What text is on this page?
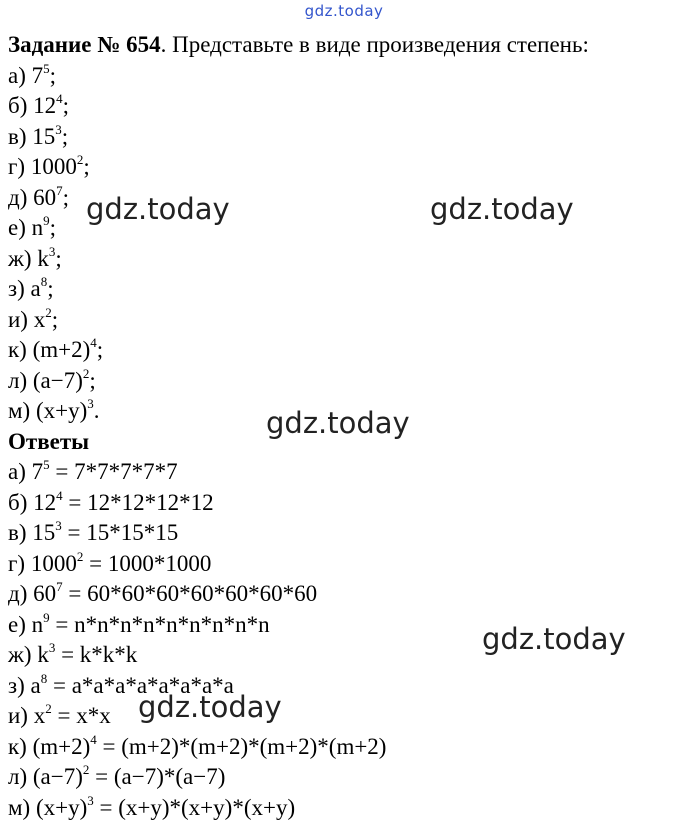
gdz.today
Задание № 654. Представьте в виде произведения степень:
а) $7^5$;
б) $12^4$;
в) $15^3$;
г) 1000$^2$;
д) $60^7$;
е) $n^9$;
ж) $k^3$;
з) $a^8$;
и) $x^2$;
к) $(m+2)^4$;
л) $(a-7)^2$;
м) $(x+y)^3$.
Ответы
а) $7^5 = 7*7*7*7*7$
б) $12^4 = 12*12*12*12$
в) $15^3 = 15*15*15$
г) $1000^2 = 1000*1000$
д) $60^7 = 60*60*60*60*60*60*60$
е) $n^9 = n*n*n*n*n*n*n*n*n$
ж) $k^3 = k*k*k$
з) $a^8 = a*a*a*a*a*a*a*a$
и) $x^2 = x*x$
к) $(m+2)^4 = (m+2)*(m+2)*(m+2)*(m+2)$
л) $(a-7)^2 = (a-7)*(a-7)$
м) $(x+y)^3 = (x+y)*(x+y)*(x+y)$
gdz.today	gdz.today
gdz.today
gdz.today
gdz.today
